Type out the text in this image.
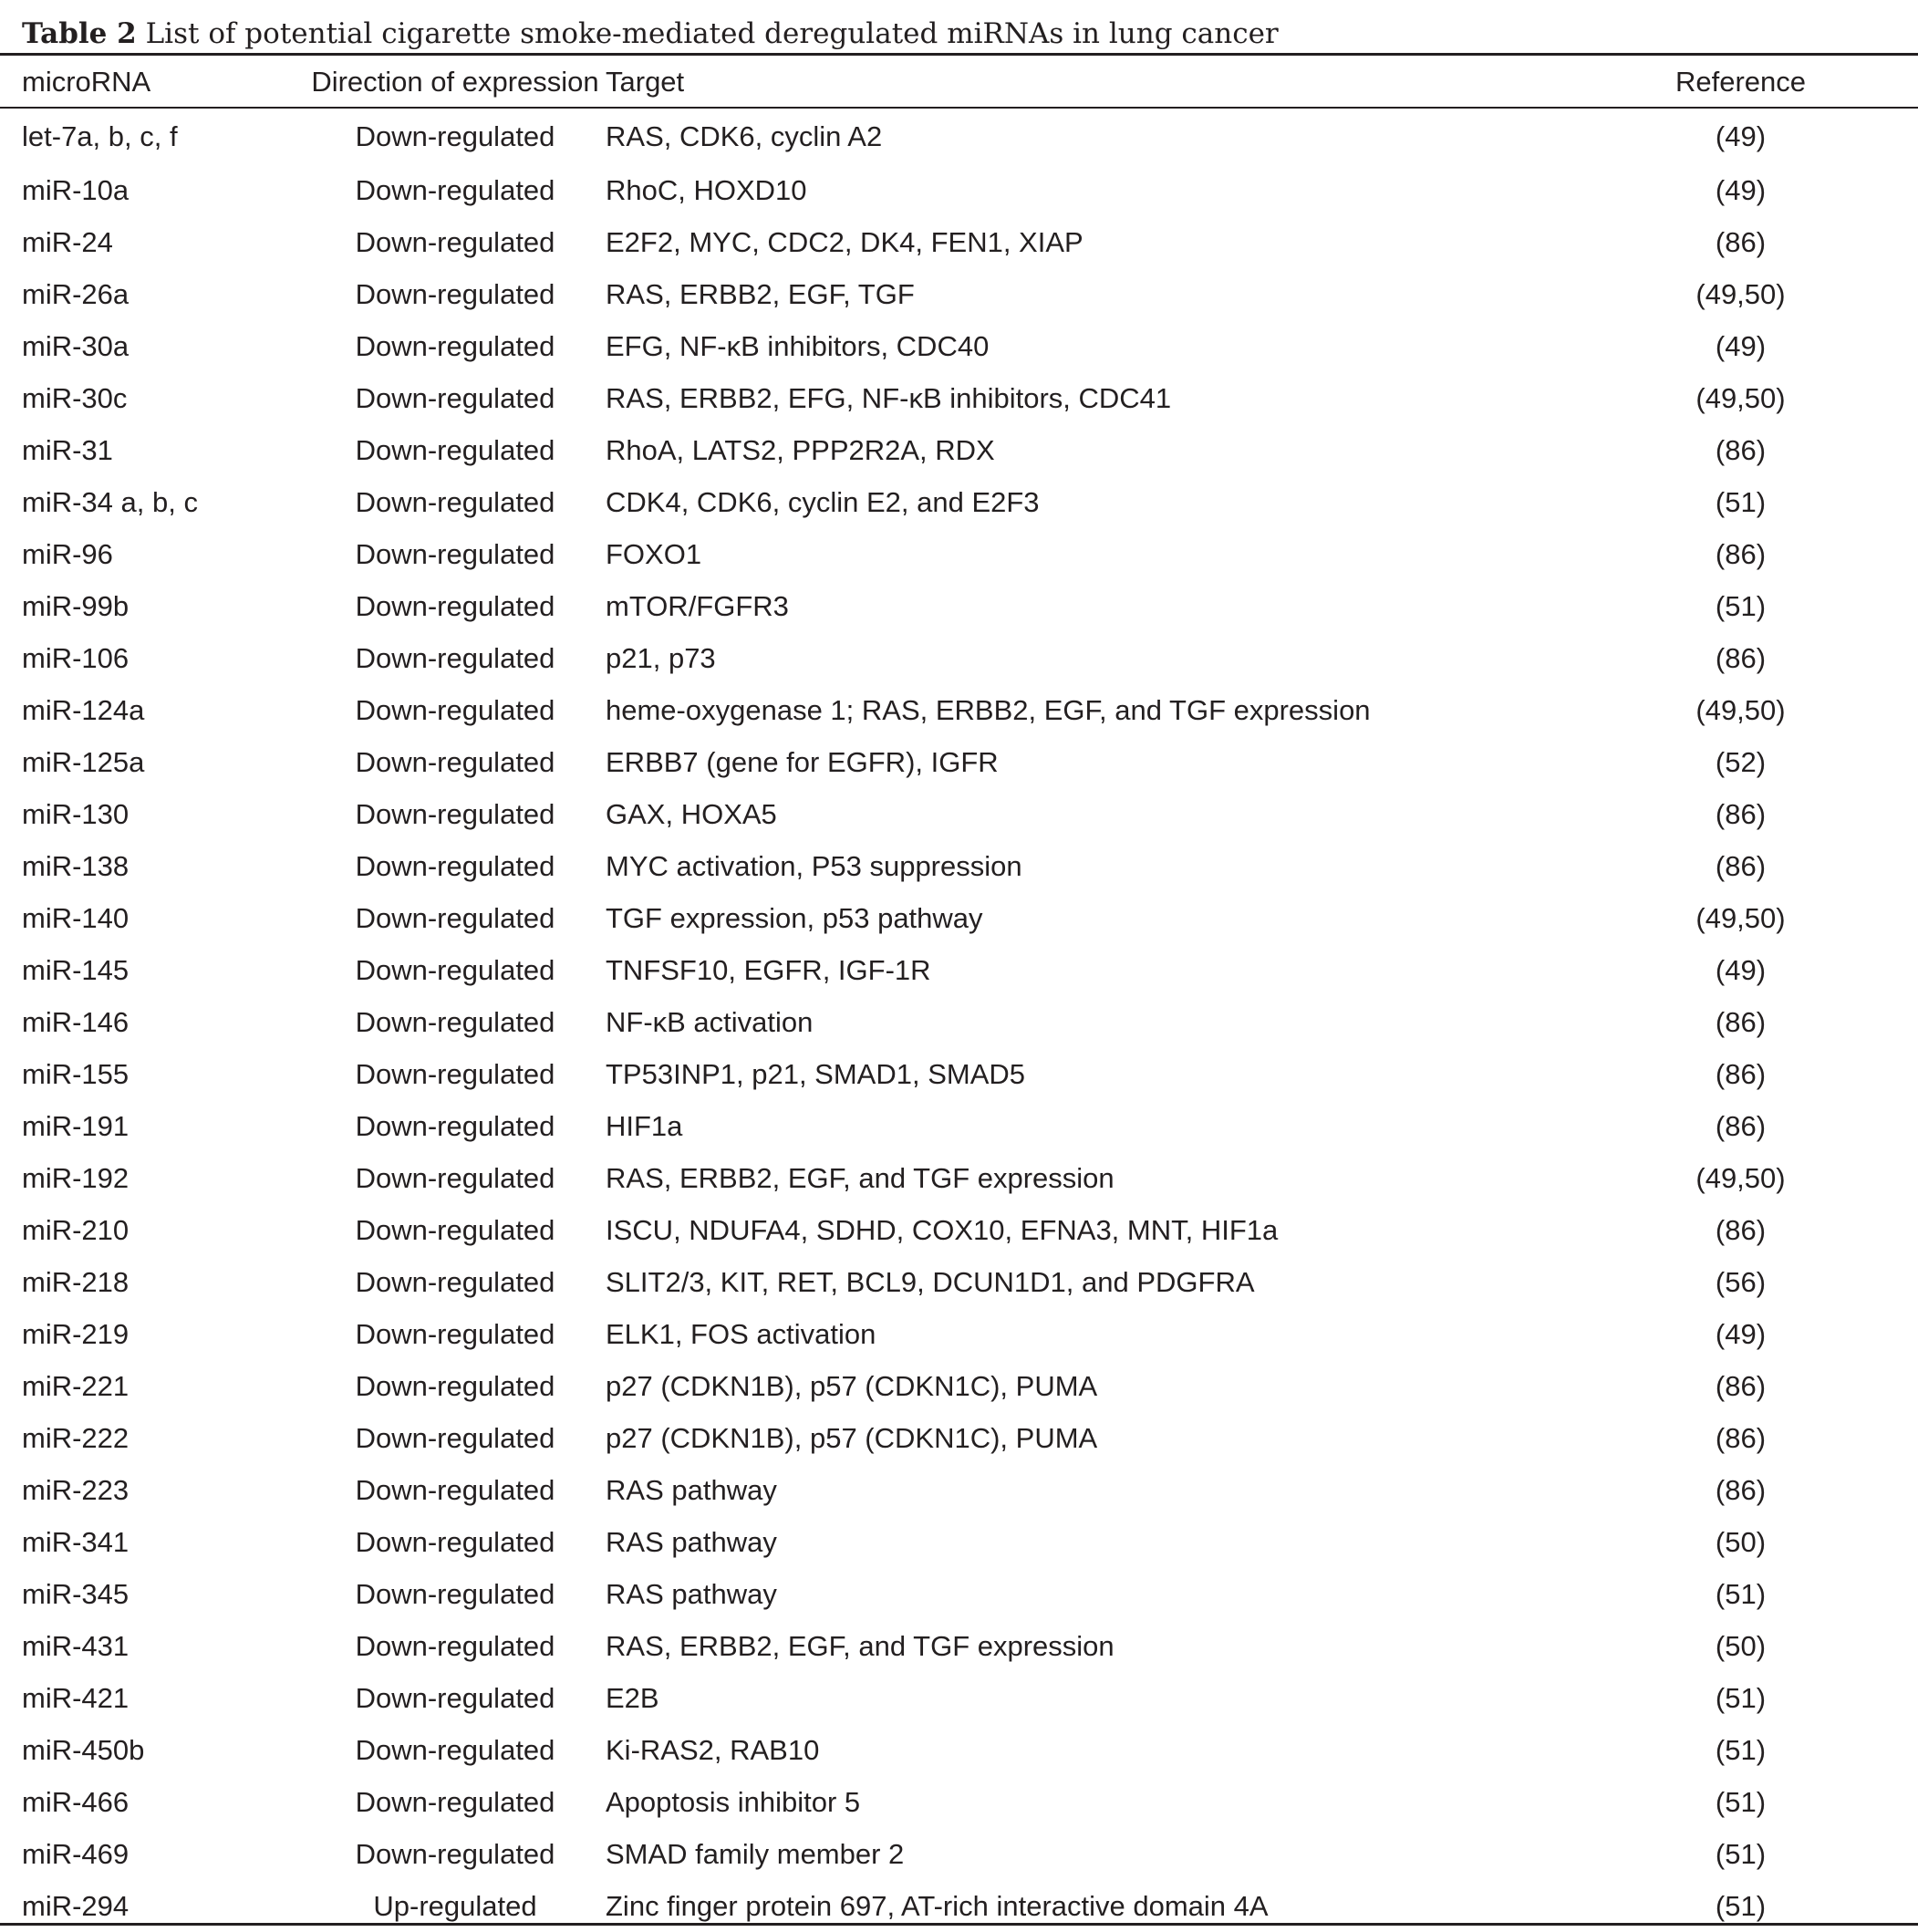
Table 2 List of potential cigarette smoke-mediated deregulated miRNAs in lung cancer
microRNA	Direction of expression	Target	Reference
let-7a, b, c, f	Down-regulated	RAS, CDK6, cyclin A2	(49)
miR-10a	Down-regulated	RhoC, HOXD10	(49)
miR-24	Down-regulated	E2F2, MYC, CDC2, DK4, FEN1, XIAP	(86)
miR-26a	Down-regulated	RAS, ERBB2, EGF, TGF	(49,50)
miR-30a	Down-regulated	EFG, NF-κB inhibitors, CDC40	(49)
miR-30c	Down-regulated	RAS, ERBB2, EFG, NF-κB inhibitors, CDC41	(49,50)
miR-31	Down-regulated	RhoA, LATS2, PPP2R2A, RDX	(86)
miR-34 a, b, c	Down-regulated	CDK4, CDK6, cyclin E2, and E2F3	(51)
miR-96	Down-regulated	FOXO1	(86)
miR-99b	Down-regulated	mTOR/FGFR3	(51)
miR-106	Down-regulated	p21, p73	(86)
miR-124a	Down-regulated	heme-oxygenase 1; RAS, ERBB2, EGF, and TGF expression	(49,50)
miR-125a	Down-regulated	ERBB7 (gene for EGFR), IGFR	(52)
miR-130	Down-regulated	GAX, HOXA5	(86)
miR-138	Down-regulated	MYC activation, P53 suppression	(86)
miR-140	Down-regulated	TGF expression, p53 pathway	(49,50)
miR-145	Down-regulated	TNFSF10, EGFR, IGF-1R	(49)
miR-146	Down-regulated	NF-κB activation	(86)
miR-155	Down-regulated	TP53INP1, p21, SMAD1, SMAD5	(86)
miR-191	Down-regulated	HIF1a	(86)
miR-192	Down-regulated	RAS, ERBB2, EGF, and TGF expression	(49,50)
miR-210	Down-regulated	ISCU, NDUFA4, SDHD, COX10, EFNA3, MNT, HIF1a	(86)
miR-218	Down-regulated	SLIT2/3, KIT, RET, BCL9, DCUN1D1, and PDGFRA	(56)
miR-219	Down-regulated	ELK1, FOS activation	(49)
miR-221	Down-regulated	p27 (CDKN1B), p57 (CDKN1C), PUMA	(86)
miR-222	Down-regulated	p27 (CDKN1B), p57 (CDKN1C), PUMA	(86)
miR-223	Down-regulated	RAS pathway	(86)
miR-341	Down-regulated	RAS pathway	(50)
miR-345	Down-regulated	RAS pathway	(51)
miR-431	Down-regulated	RAS, ERBB2, EGF, and TGF expression	(50)
miR-421	Down-regulated	E2B	(51)
miR-450b	Down-regulated	Ki-RAS2, RAB10	(51)
miR-466	Down-regulated	Apoptosis inhibitor 5	(51)
miR-469	Down-regulated	SMAD family member 2	(51)
miR-294	Up-regulated	Zinc finger protein 697, AT-rich interactive domain 4A	(51)
